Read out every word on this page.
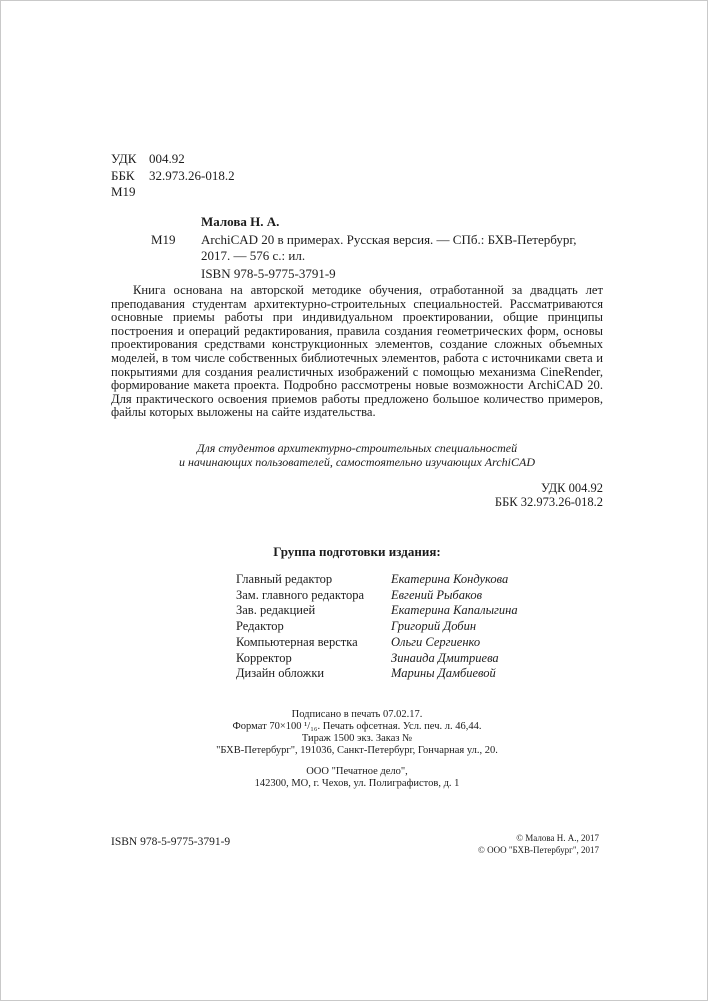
УДК 004.92
ББК 32.973.26-018.2
М19
Малова Н. А.
М19	ArchiCAD 20 в примерах. Русская версия. — СПб.: БХВ-Петербург,
2017. — 576 с.: ил.
ISBN 978-5-9775-3791-9

Книга основана на авторской методике обучения, отработанной за двадцать лет преподавания студентам архитектурно-строительных специальностей. Рассматриваются основные приемы работы при индивидуальном проектировании, общие принципы построения и операций редактирования, правила создания геометрических форм, основы проектирования средствами конструкционных элементов, создание сложных объемных моделей, в том числе собственных библиотечных элементов, работа с источниками света и покрытиями для создания реалистичных изображений с помощью механизма CineRender, формирование макета проекта. Подробно рассмотрены новые возможности ArchiCAD 20. Для практического освоения приемов работы предложено большое количество примеров, файлы которых выложены на сайте издательства.

Для студентов архитектурно-строительных специальностей
и начинающих пользователей, самостоятельно изучающих ArchiCAD
УДК 004.92
ББК 32.973.26-018.2
Группа подготовки издания:
Главный редактор	Екатерина Кондукова
Зам. главного редактора	Евгений Рыбаков
Зав. редакцией	Екатерина Капалыгина
Редактор	Григорий Добин
Компьютерная верстка	Ольги Сергиенко
Корректор	Зинаида Дмитриева
Дизайн обложки	Марины Дамбиевой
Подписано в печать 07.02.17.
Формат 70×100 ¹/₁₆. Печать офсетная. Усл. печ. л. 46,44.
Тираж 1500 экз. Заказ №
"БХВ-Петербург", 191036, Санкт-Петербург, Гончарная ул., 20.
ООО "Печатное дело",
142300, МО, г. Чехов, ул. Полиграфистов, д. 1
ISBN 978-5-9775-3791-9	© Малова Н. А., 2017
© ООО "БХВ-Петербург", 2017
